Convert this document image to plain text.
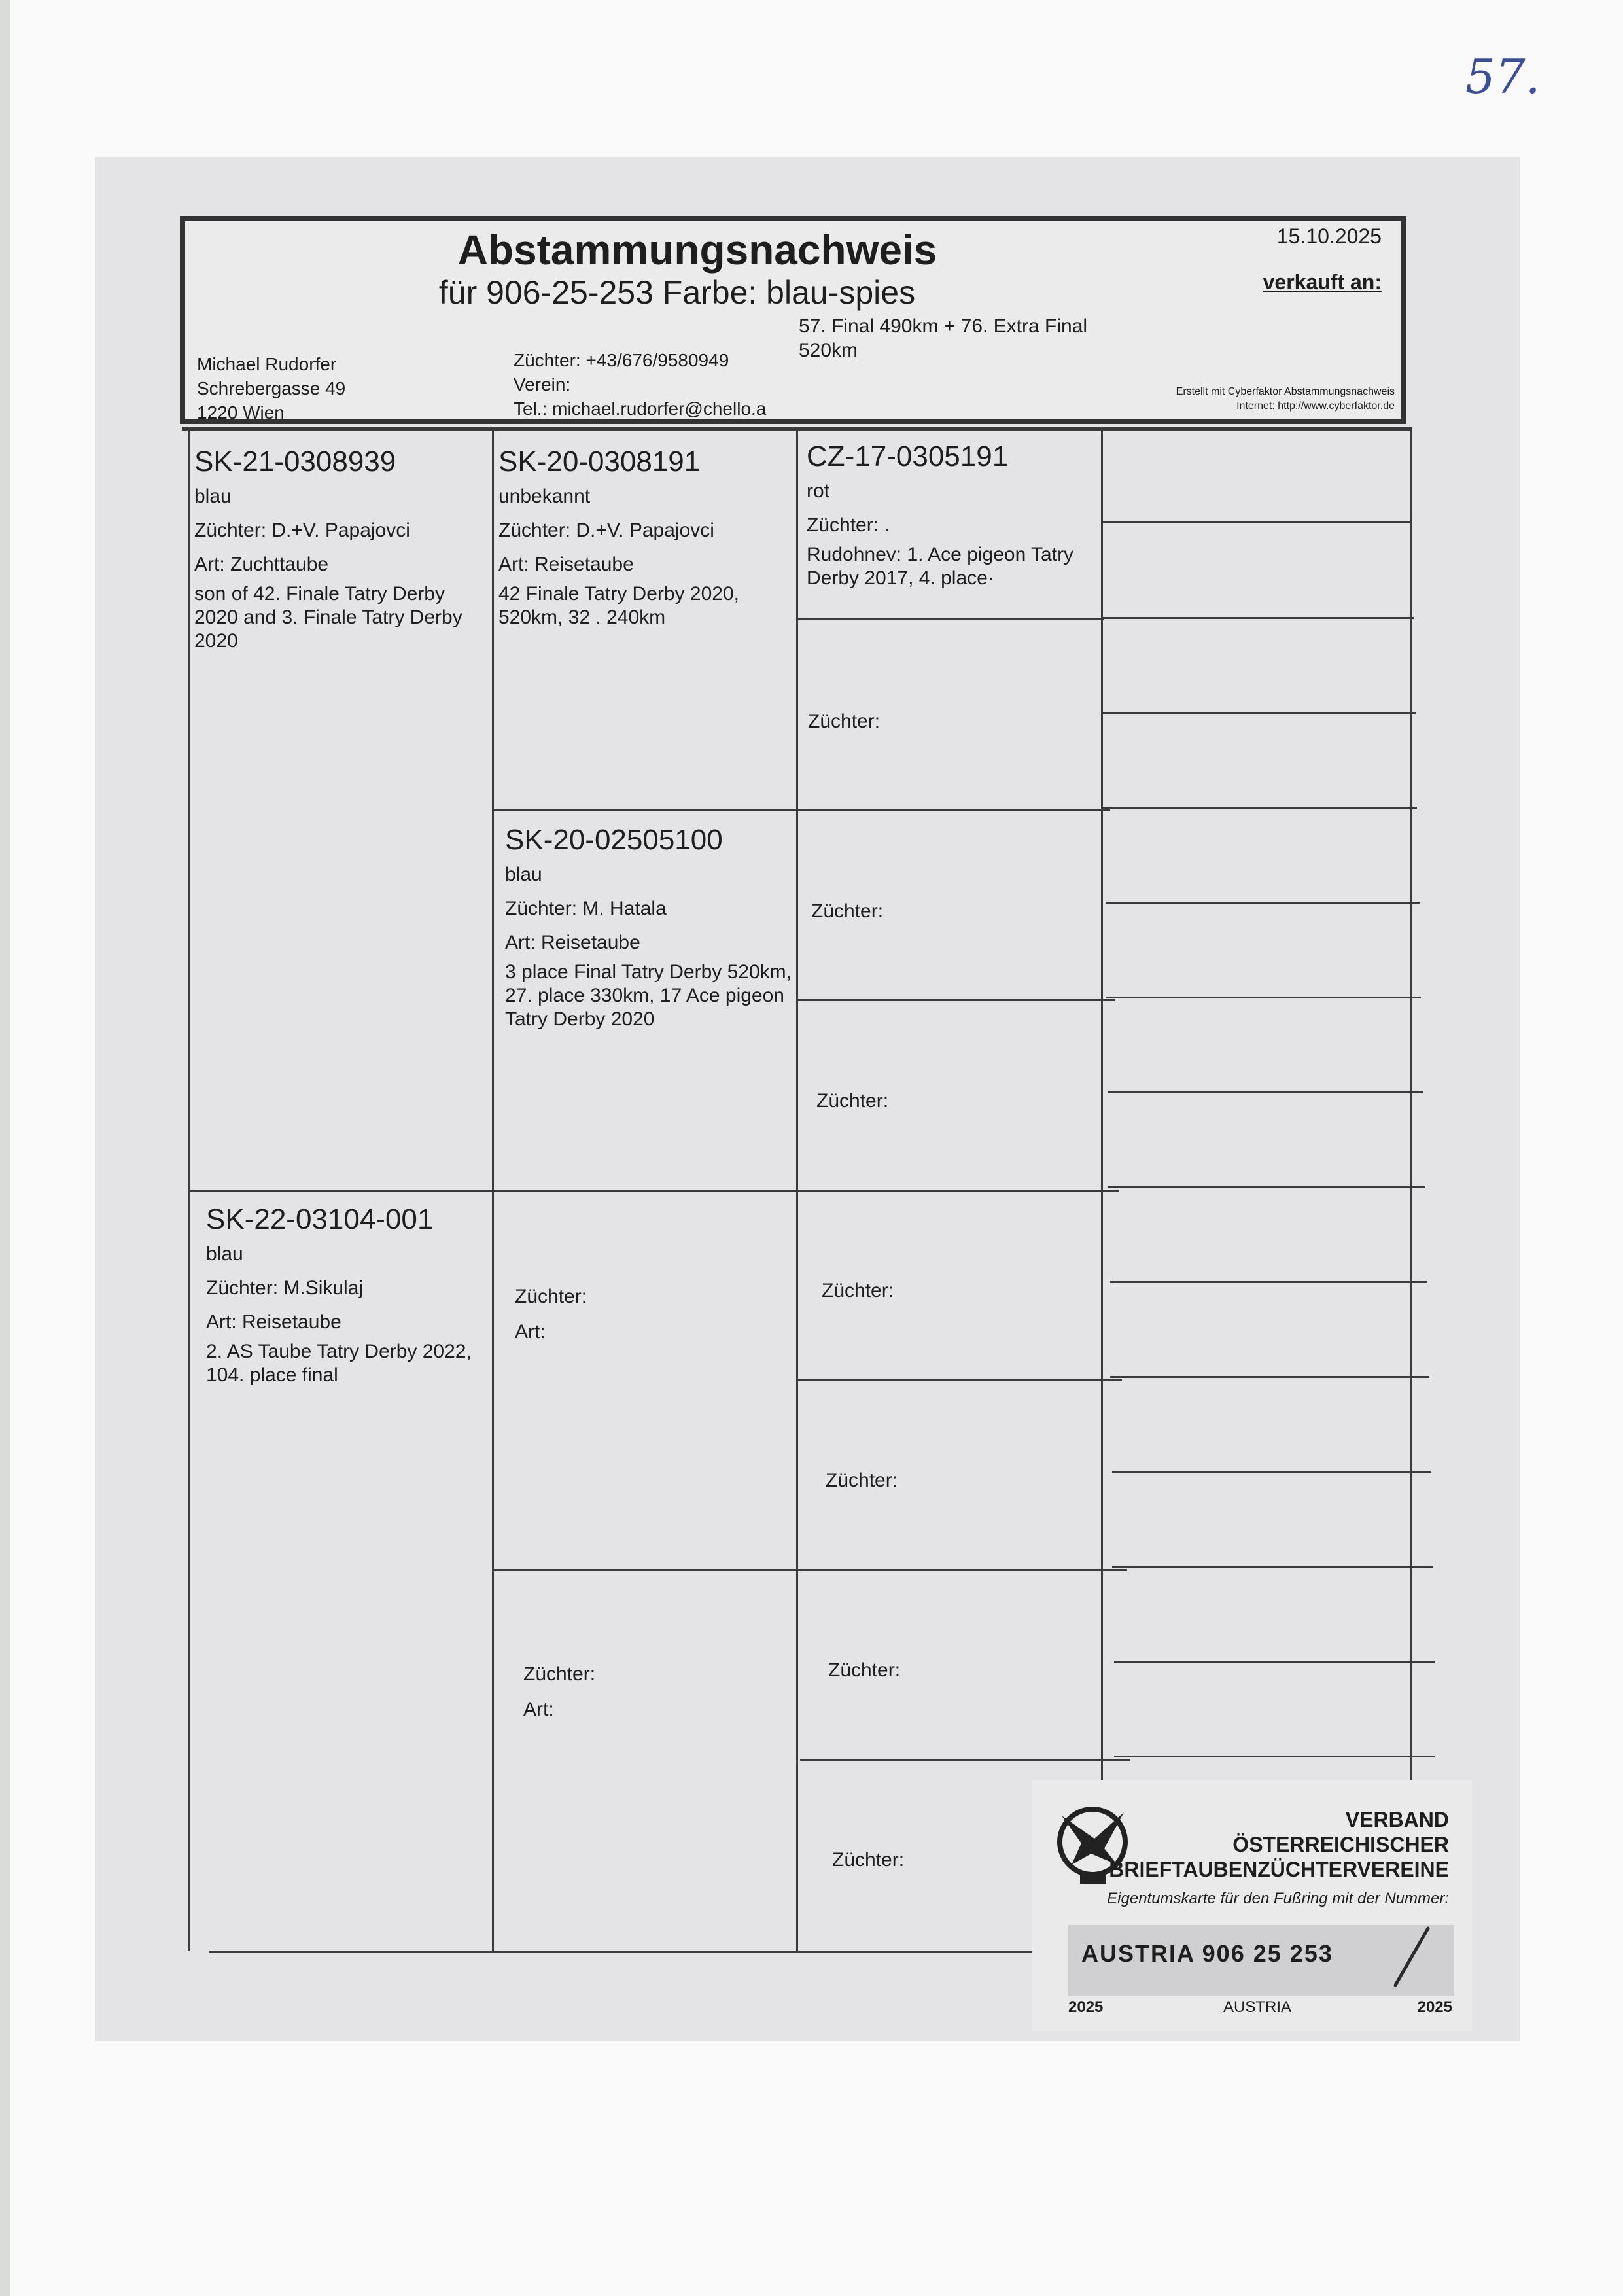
57.
Abstammungsnachweis
für 906-25-253 Farbe: blau-spies
15.10.2025
verkauft an:
57. Final 490km + 76. Extra Final 520km
Michael Rudorfer
Schrebergasse 49
1220 Wien
Züchter: +43/676/9580949
Verein:
Tel.: michael.rudorfer@chello.a
Erstellt mit Cyberfaktor Abstammungsnachweis
Internet: http://www.cyberfaktor.de
SK-21-0308939
blau
Züchter: D.+V. Papajovci
Art: Zuchttaube
son of 42. Finale Tatry Derby 2020 and 3. Finale Tatry Derby 2020
SK-22-03104-001
blau
Züchter: M.Sikulaj
Art: Reisetaube
2. AS Taube Tatry Derby 2022, 104. place final
SK-20-0308191
unbekannt
Züchter: D.+V. Papajovci
Art: Reisetaube
42 Finale Tatry Derby 2020, 520km, 32 . 240km
SK-20-02505100
blau
Züchter: M. Hatala
Art: Reisetaube
3 place Final Tatry Derby 520km, 27. place 330km, 17 Ace pigeon Tatry Derby 2020
Züchter:
Art:
Züchter:
Art:
CZ-17-0305191
rot
Züchter: .
Rudohnev: 1. Ace pigeon Tatry Derby 2017, 4. place·
Züchter:
Züchter:
Züchter:
Züchter:
Züchter:
Züchter:
Züchter:
VERBAND
ÖSTERREICHISCHER
BRIEFTAUBENZÜCHTERVEREINE
Eigentumskarte für den Fußring mit der Nummer:
AUSTRIA 906 25 253
2025	AUSTRIA	2025
